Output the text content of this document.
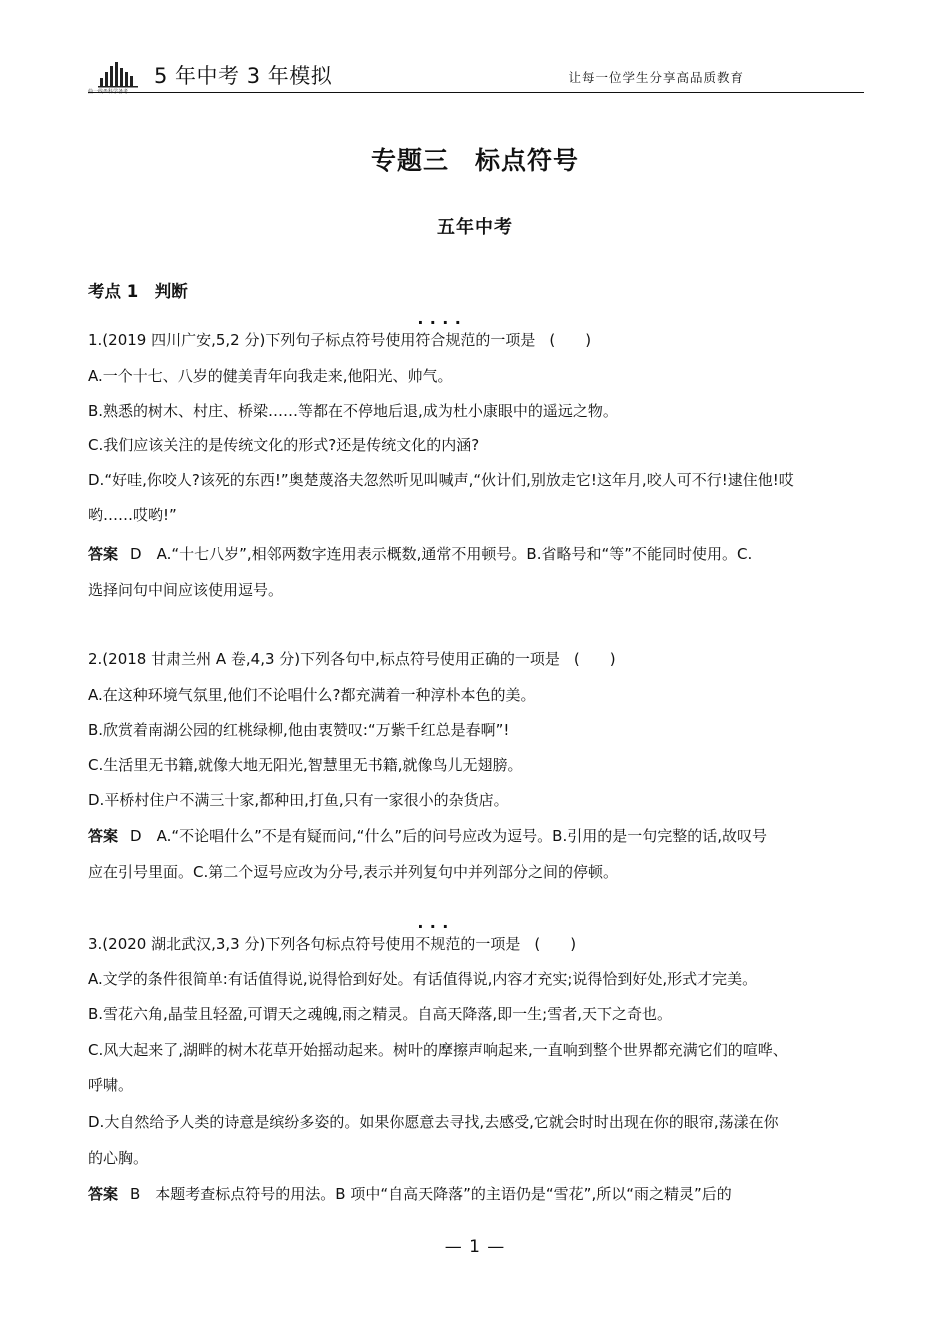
曲一线®科学备考
5 年中考 3 年模拟	让每一位学生分享高品质教育
专题三　标点符号
五年中考
考点 1　判断
1.(2019 四川广安,5,2 分)下列句子标点符号使用· · · · 符合规范的一项是 (　　)
A.一个十七、八岁的健美青年向我走来,他阳光、帅气。
B.熟悉的树木、村庄、桥梁……等都在不停地后退,成为杜小康眼中的遥远之物。
C.我们应该关注的是传统文化的形式?还是传统文化的内涵?
D.“好哇,你咬人?该死的东西!”奥楚蔑洛夫忽然听见叫喊声,“伙计们,别放走它!这年月,咬人可不行!逮住他!哎
哟……哎哟!”
答案 D　A.“十七八岁”,相邻两数字连用表示概数,通常不用顿号。B.省略号和“等”不能同时使用。C.
选择问句中间应该使用逗号。
2.(2018 甘肃兰州 A 卷,4,3 分)下列各句中,标点符号使用正确的一项是 (　　)
A.在这种环境气氛里,他们不论唱什么?都充满着一种淳朴本色的美。
B.欣赏着南湖公园的红桃绿柳,他由衷赞叹:“万紫千红总是春啊”!
C.生活里无书籍,就像大地无阳光,智慧里无书籍,就像鸟儿无翅膀。
D.平桥村住户不满三十家,都种田,打鱼,只有一家很小的杂货店。
答案 D　A.“不论唱什么”不是有疑而问,“什么”后的问号应改为逗号。B.引用的是一句完整的话,故叹号
应在引号里面。C.第二个逗号应改为分号,表示并列复句中并列部分之间的停顿。
3.(2020 湖北武汉,3,3 分)下列各句标点符号使用· · · 不规范的一项是 (　　)
A.文学的条件很简单:有话值得说,说得恰到好处。有话值得说,内容才充实;说得恰到好处,形式才完美。
B.雪花六角,晶莹且轻盈,可谓天之魂魄,雨之精灵。自高天降落,即一生;雪者,天下之奇也。
C.风大起来了,湖畔的树木花草开始摇动起来。树叶的摩擦声响起来,一直响到整个世界都充满它们的喧哗、
呼啸。
D.大自然给予人类的诗意是缤纷多姿的。如果你愿意去寻找,去感受,它就会时时出现在你的眼帘,荡漾在你
的心胸。
答案 B　本题考查标点符号的用法。B 项中“自高天降落”的主语仍是“雪花”,所以“雨之精灵”后的
— 1 —
